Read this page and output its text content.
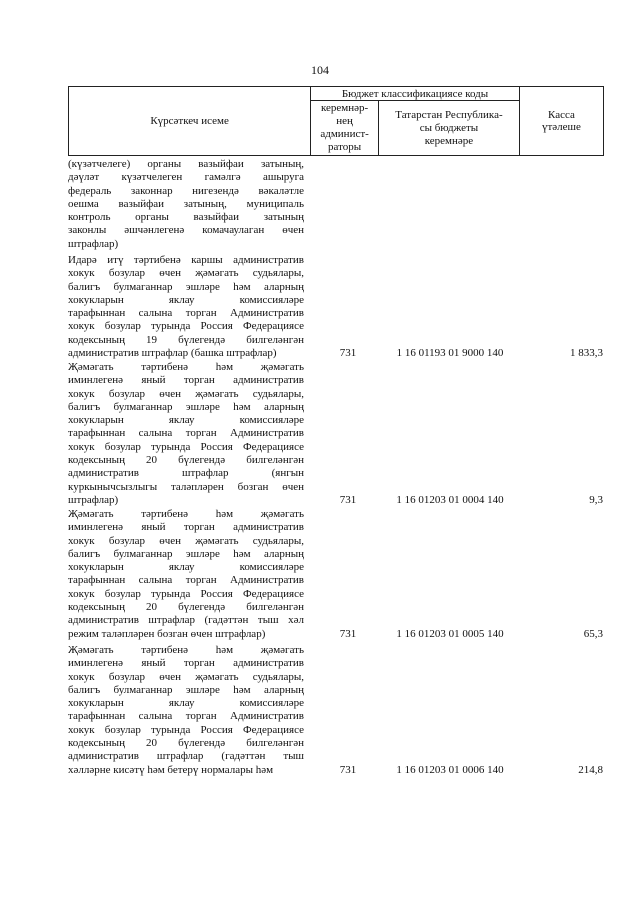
104
Күрсәткеч исеме	Бюджет классификациясе коды		Касса
үтәлеше
	керемнәр-
нең
админист-
раторы	Татарстан Республика-
сы бюджеты
керемнәре	
(күзәтчелеге) органы вазыйфаи затының,
дәүләт күзәтчелеген гамәлгә ашыруга
федераль законнар нигезендә вәкаләтле
оешма вазыйфаи затының, муниципаль
контроль органы вазыйфаи затының
законлы әшчәнлегенә комачаулаган өчен
штрафлар)
Идарә итү тәртибенә каршы административ
хокук бозулар өчен җәмәгать судьялары,
балигъ булмаганнар эшләре һәм аларның
хокукларын яклау комиссияләре
тарафыннан салына торган Административ
хокук бозулар турында Россия Федерациясе
кодексының 19 бүлегендә билгеләнгән
административ штрафлар (башка штрафлар)	731	1 16 01193 01 9000 140	1 833,3
Җәмәгать тәртибенә һәм җәмәгать
иминлегенә яный торган административ
хокук бозулар өчен җәмәгать судьялары,
балигъ булмаганнар эшләре һәм аларның
хокукларын яклау комиссияләре
тарафыннан салына торган Административ
хокук бозулар турында Россия Федерациясе
кодексының 20 бүлегендә билгеләнгән
административ штрафлар (янгын
куркынычсызлыгы таләпләрен бозган өчен
штрафлар)	731	1 16 01203 01 0004 140	9,3
Җәмәгать тәртибенә һәм җәмәгать
иминлегенә яный торган административ
хокук бозулар өчен җәмәгать судьялары,
балигъ булмаганнар эшләре һәм аларның
хокукларын яклау комиссияләре
тарафыннан салына торган Административ
хокук бозулар турында Россия Федерациясе
кодексының 20 бүлегендә билгеләнгән
административ штрафлар (гадәттән тыш хәл
режим таләпләрен бозган өчен штрафлар)	731	1 16 01203 01 0005 140	65,3
Җәмәгать тәртибенә һәм җәмәгать
иминлегенә яный торган административ
хокук бозулар өчен җәмәгать судьялары,
балигъ булмаганнар эшләре һәм аларның
хокукларын яклау комиссияләре
тарафыннан салына торган Административ
хокук бозулар турында Россия Федерациясе
кодексының 20 бүлегендә билгеләнгән
административ штрафлар (гадәттән тыш
хәлләрне кисәтү һәм бетерү нормалары һәм	731	1 16 01203 01 0006 140	214,8
